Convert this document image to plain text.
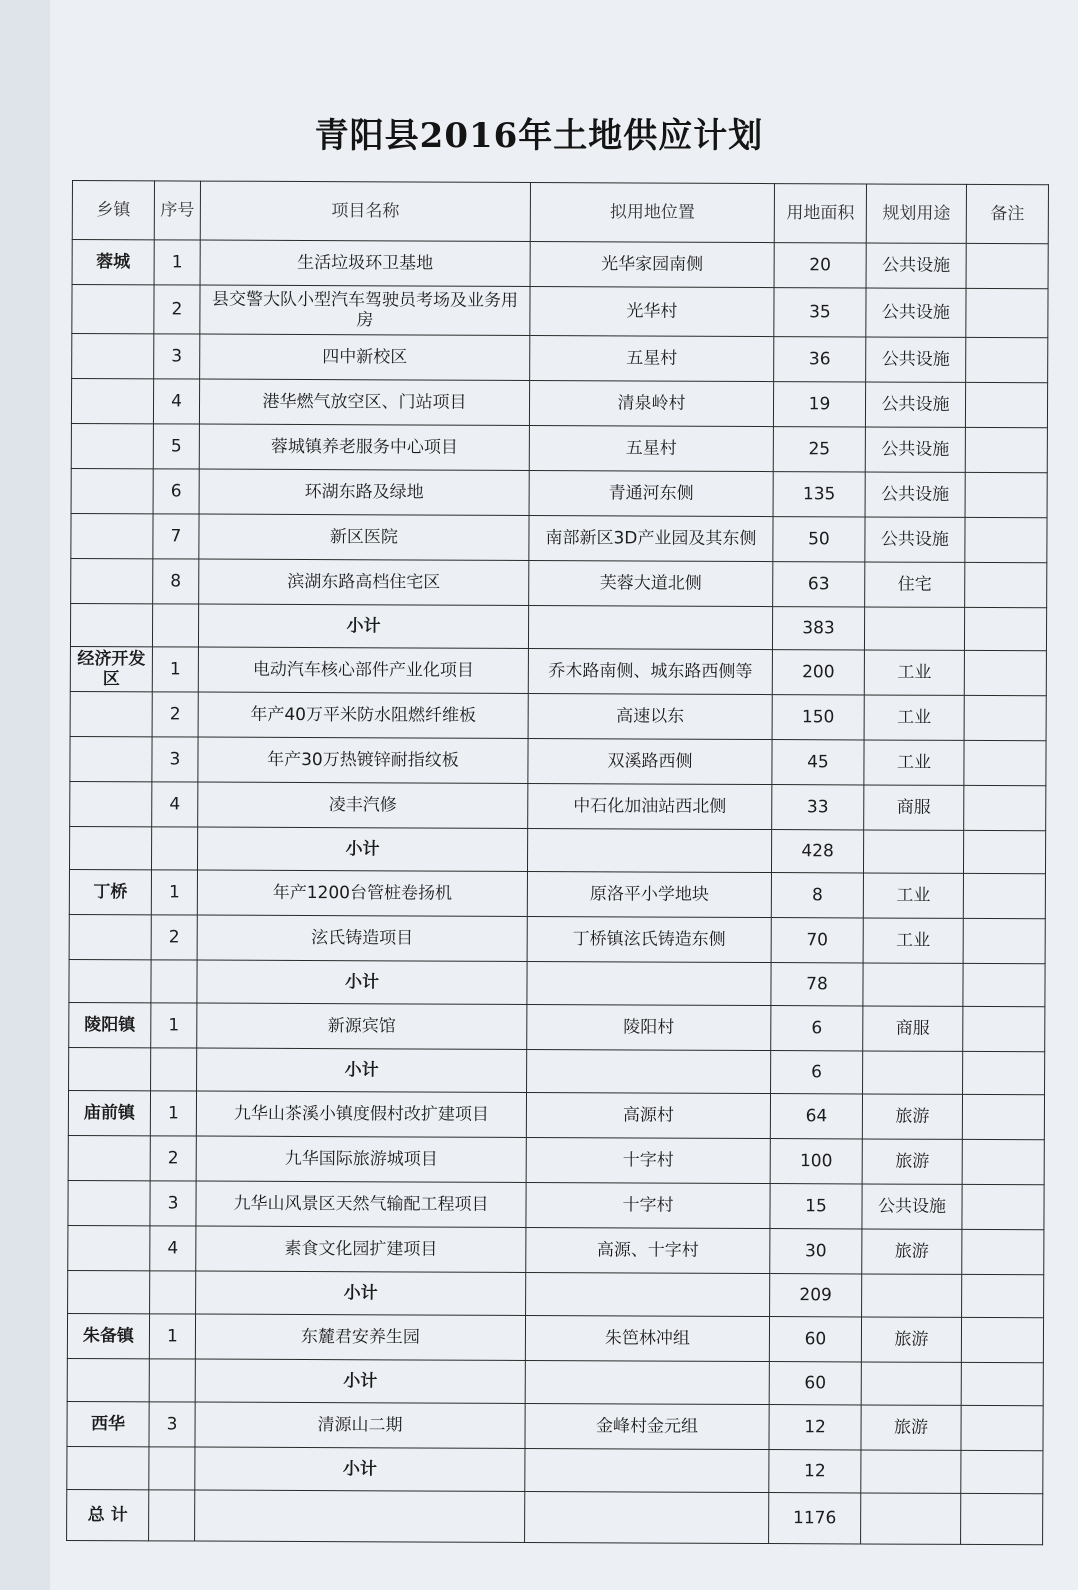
青阳县2016年土地供应计划
乡镇	序号	项目名称	拟用地位置	用地面积	规划用途	备注
蓉城	1	生活垃圾环卫基地	光华家园南侧	20	公共设施	
	2	县交警大队小型汽车驾驶员考场及业务用房	光华村	35	公共设施	
	3	四中新校区	五星村	36	公共设施	
	4	港华燃气放空区、门站项目	清泉岭村	19	公共设施	
	5	蓉城镇养老服务中心项目	五星村	25	公共设施	
	6	环湖东路及绿地	青通河东侧	135	公共设施	
	7	新区医院	南部新区3D产业园及其东侧	50	公共设施	
	8	滨湖东路高档住宅区	芙蓉大道北侧	63	住宅	
		小计		383		
经济开发区	1	电动汽车核心部件产业化项目	乔木路南侧、城东路西侧等	200	工业	
	2	年产40万平米防水阻燃纤维板	高速以东	150	工业	
	3	年产30万热镀锌耐指纹板	双溪路西侧	45	工业	
	4	凌丰汽修	中石化加油站西北侧	33	商服	
		小计		428		
丁桥	1	年产1200台管桩卷扬机	原洛平小学地块	8	工业	
	2	泫氏铸造项目	丁桥镇泫氏铸造东侧	70	工业	
		小计		78		
陵阳镇	1	新源宾馆	陵阳村	6	商服	
		小计		6		
庙前镇	1	九华山茶溪小镇度假村改扩建项目	高源村	64	旅游	
	2	九华国际旅游城项目	十字村	100	旅游	
	3	九华山风景区天然气输配工程项目	十字村	15	公共设施	
	4	素食文化园扩建项目	高源、十字村	30	旅游	
		小计		209		
朱备镇	1	东麓君安养生园	朱笆林冲组	60	旅游	
		小计		60		
西华	3	清源山二期	金峰村金元组	12	旅游	
		小计		12		
总 计				1176		
